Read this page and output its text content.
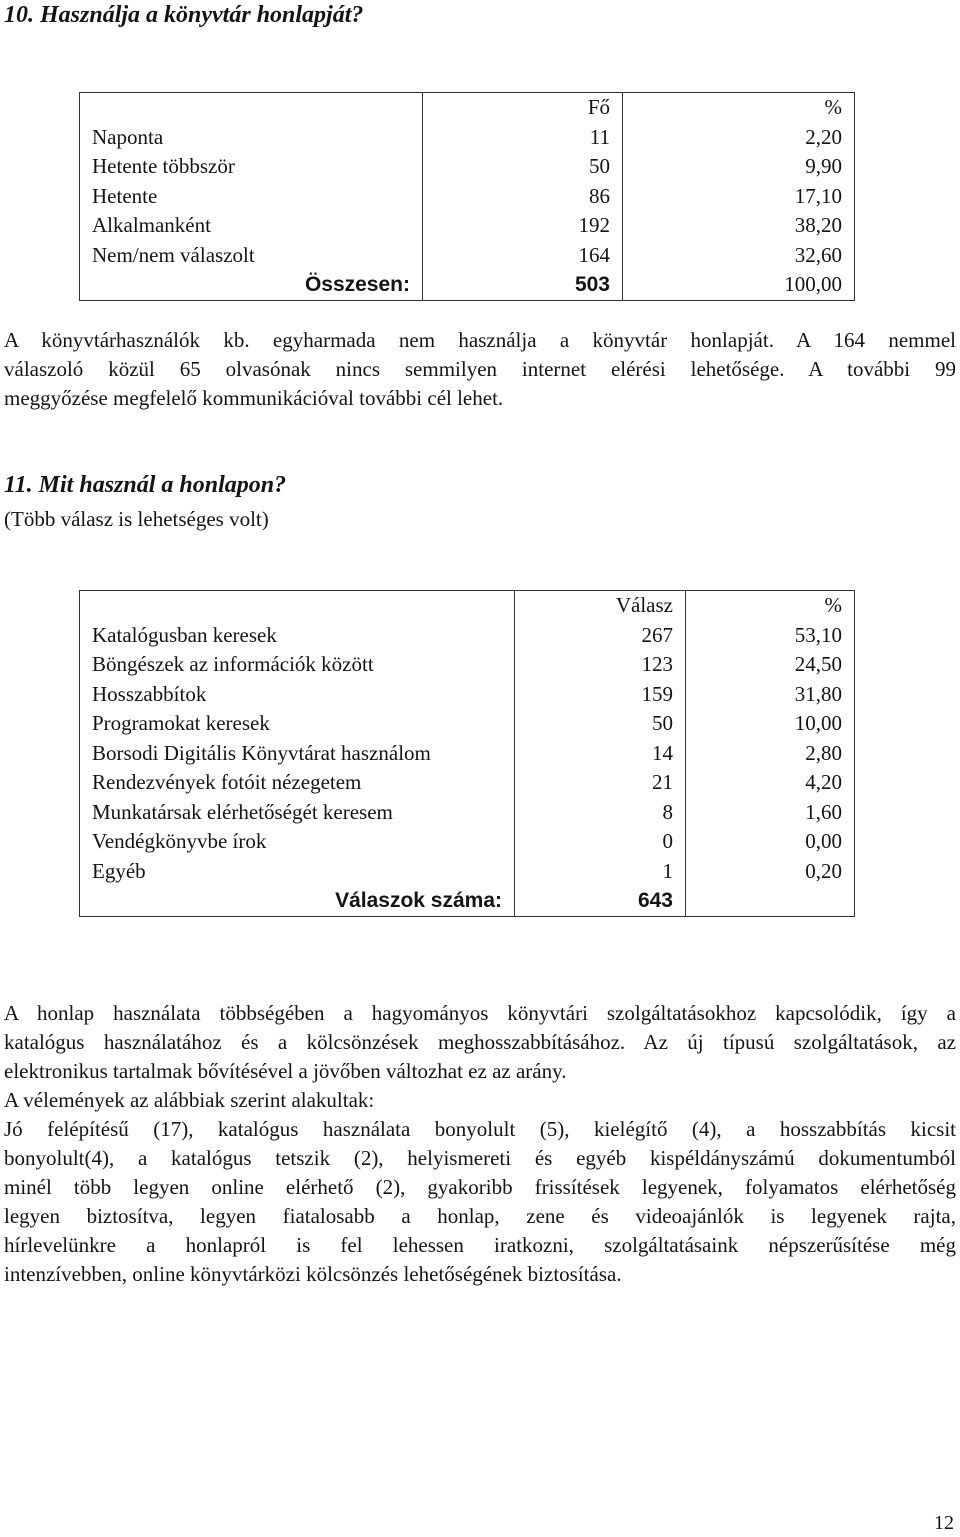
10. Használja a könyvtár honlapját?
	Fő	%
Naponta	11	2,20
Hetente többször	50	9,90
Hetente	86	17,10
Alkalmanként	192	38,20
Nem/nem válaszolt	164	32,60
Összesen:	503	100,00
A könyvtárhasználók kb. egyharmada nem használja a könyvtár honlapját. A 164 nemmel
válaszoló közül 65 olvasónak nincs semmilyen internet elérési lehetősége. A további 99
meggyőzése megfelelő kommunikációval további cél lehet.
11. Mit használ a honlapon?
(Több válasz is lehetséges volt)
	Válasz	%
Katalógusban keresek	267	53,10
Böngészek az információk között	123	24,50
Hosszabbítok	159	31,80
Programokat keresek	50	10,00
Borsodi Digitális Könyvtárat használom	14	2,80
Rendezvények fotóit nézegetem	21	4,20
Munkatársak elérhetőségét keresem	8	1,60
Vendégkönyvbe írok	0	0,00
Egyéb	1	0,20
Válaszok száma:	643	
A honlap használata többségében a hagyományos könyvtári szolgáltatásokhoz kapcsolódik, így a
katalógus használatához és a kölcsönzések meghosszabbításához. Az új típusú szolgáltatások, az
elektronikus tartalmak bővítésével a jövőben változhat ez az arány.
A vélemények az alábbiak szerint alakultak:
Jó felépítésű (17), katalógus használata bonyolult (5), kielégítő (4), a hosszabbítás kicsit
bonyolult(4), a katalógus tetszik (2), helyismereti és egyéb kispéldányszámú dokumentumból
minél több legyen online elérhető (2), gyakoribb frissítések legyenek, folyamatos elérhetőség
legyen biztosítva, legyen fiatalosabb a honlap, zene és videoajánlók is legyenek rajta,
hírlevelünkre a honlapról is fel lehessen iratkozni, szolgáltatásaink népszerűsítése még
intenzívebben, online könyvtárközi kölcsönzés lehetőségének biztosítása.
12
